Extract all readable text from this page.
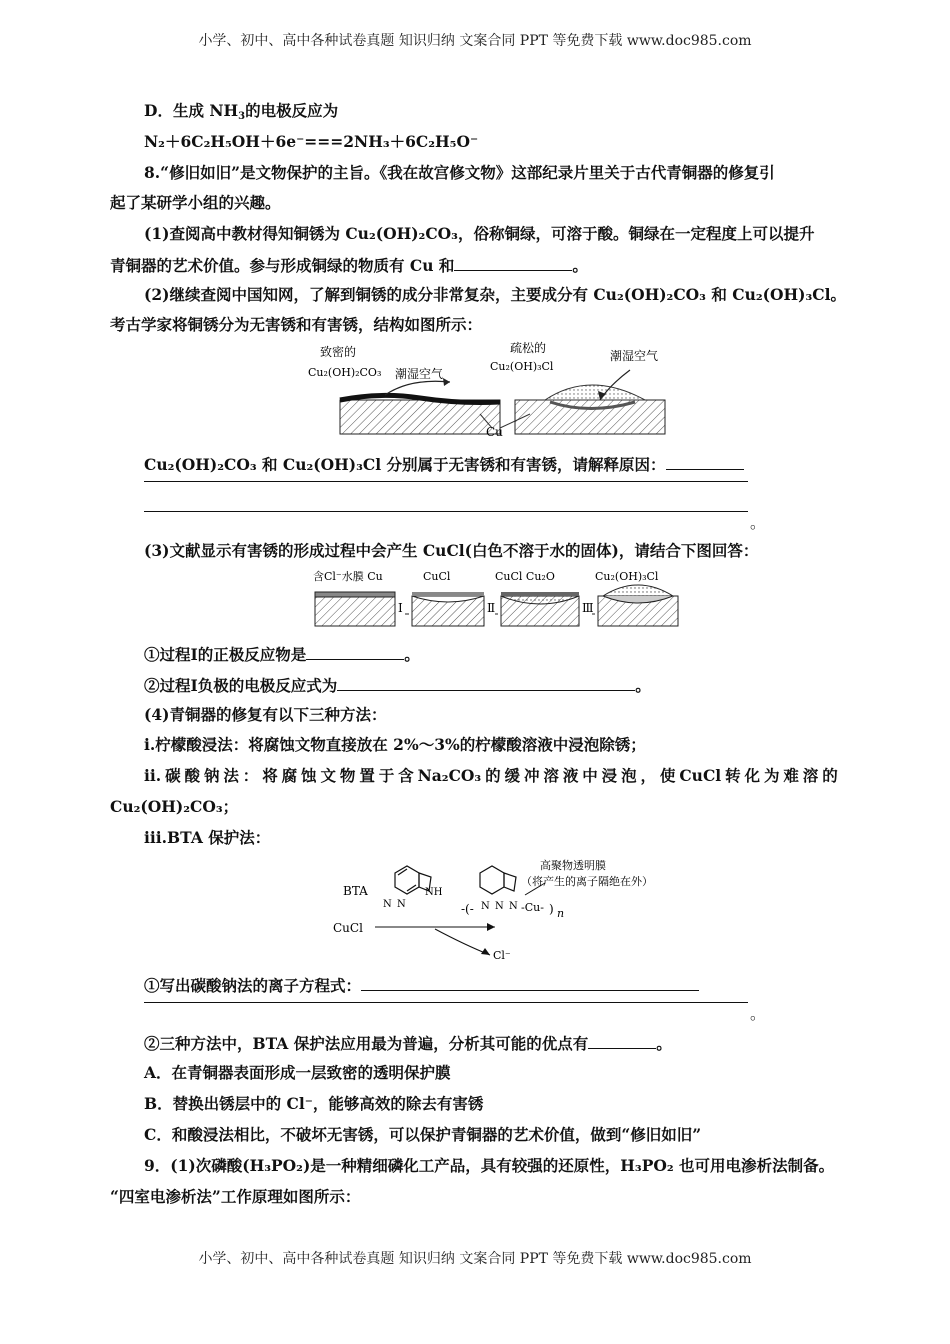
小学、初中、高中各种试卷真题 知识归纳 文案合同 PPT 等免费下载 www.doc985.com
D．生成 $NH_3$的电极反应为
N₂＋6C₂H₅OH＋6e⁻===2NH₃＋6C₂H₅O⁻
8.“修旧如旧”是文物保护的主旨。《我在故宫修文物》这部纪录片里关于古代青铜器的修复引
起了某研学小组的兴趣。
(1)查阅高中教材得知铜锈为 Cu₂(OH)₂CO₃，俗称铜绿，可溶于酸。铜绿在一定程度上可以提升
青铜器的艺术价值。参与形成铜绿的物质有 Cu 和	。
(2)继续查阅中国知网，了解到铜锈的成分非常复杂，主要成分有 Cu₂(OH)₂CO₃ 和 Cu₂(OH)₃Cl。
考古学家将铜锈分为无害锈和有害锈，结构如图所示：
致密的
Cu₂(OH)₂CO₃ 潮湿空气
疏松的
Cu₂(OH)₃Cl
潮湿空气
Cu
Cu₂(OH)₂CO₃ 和 Cu₂(OH)₃Cl 分别属于无害锈和有害锈，请解释原因：
。
(3)文献显示有害锈的形成过程中会产生 CuCl(白色不溶于水的固体)，请结合下图回答：
Ⅰ	Ⅱ	Ⅲ
含Cl⁻水膜 Cu	CuCl	CuCl Cu₂O	Cu₂(OH)₃Cl
①过程Ⅰ的正极反应物是	。
②过程Ⅰ负极的电极反应式为	。
(4)青铜器的修复有以下三种方法：
i.柠檬酸浸法：将腐蚀文物直接放在 2%～3%的柠檬酸溶液中浸泡除锈；
ii. 碳 酸 钠 法 ： 将 腐 蚀 文 物 置 于 含 Na₂CO₃ 的 缓 冲 溶 液 中 浸 泡 ， 使 CuCl 转 化 为 难 溶 的
Cu₂(OH)₂CO₃；
iii.BTA 保护法：
BTA
CuCl
N N
NH
Cl⁻
-(- N N N -Cu- ) n
高聚物透明膜
（将产生的离子隔绝在外）
①写出碳酸钠法的离子方程式：
。
②三种方法中，BTA 保护法应用最为普遍，分析其可能的优点有	。
A．在青铜器表面形成一层致密的透明保护膜
B．替换出锈层中的 Cl⁻，能够高效的除去有害锈
C．和酸浸法相比，不破坏无害锈，可以保护青铜器的艺术价值，做到“修旧如旧”
9．(1)次磷酸(H₃PO₂)是一种精细磷化工产品，具有较强的还原性，H₃PO₂ 也可用电渗析法制备。
“四室电渗析法”工作原理如图所示：
小学、初中、高中各种试卷真题 知识归纳 文案合同 PPT 等免费下载 www.doc985.com
